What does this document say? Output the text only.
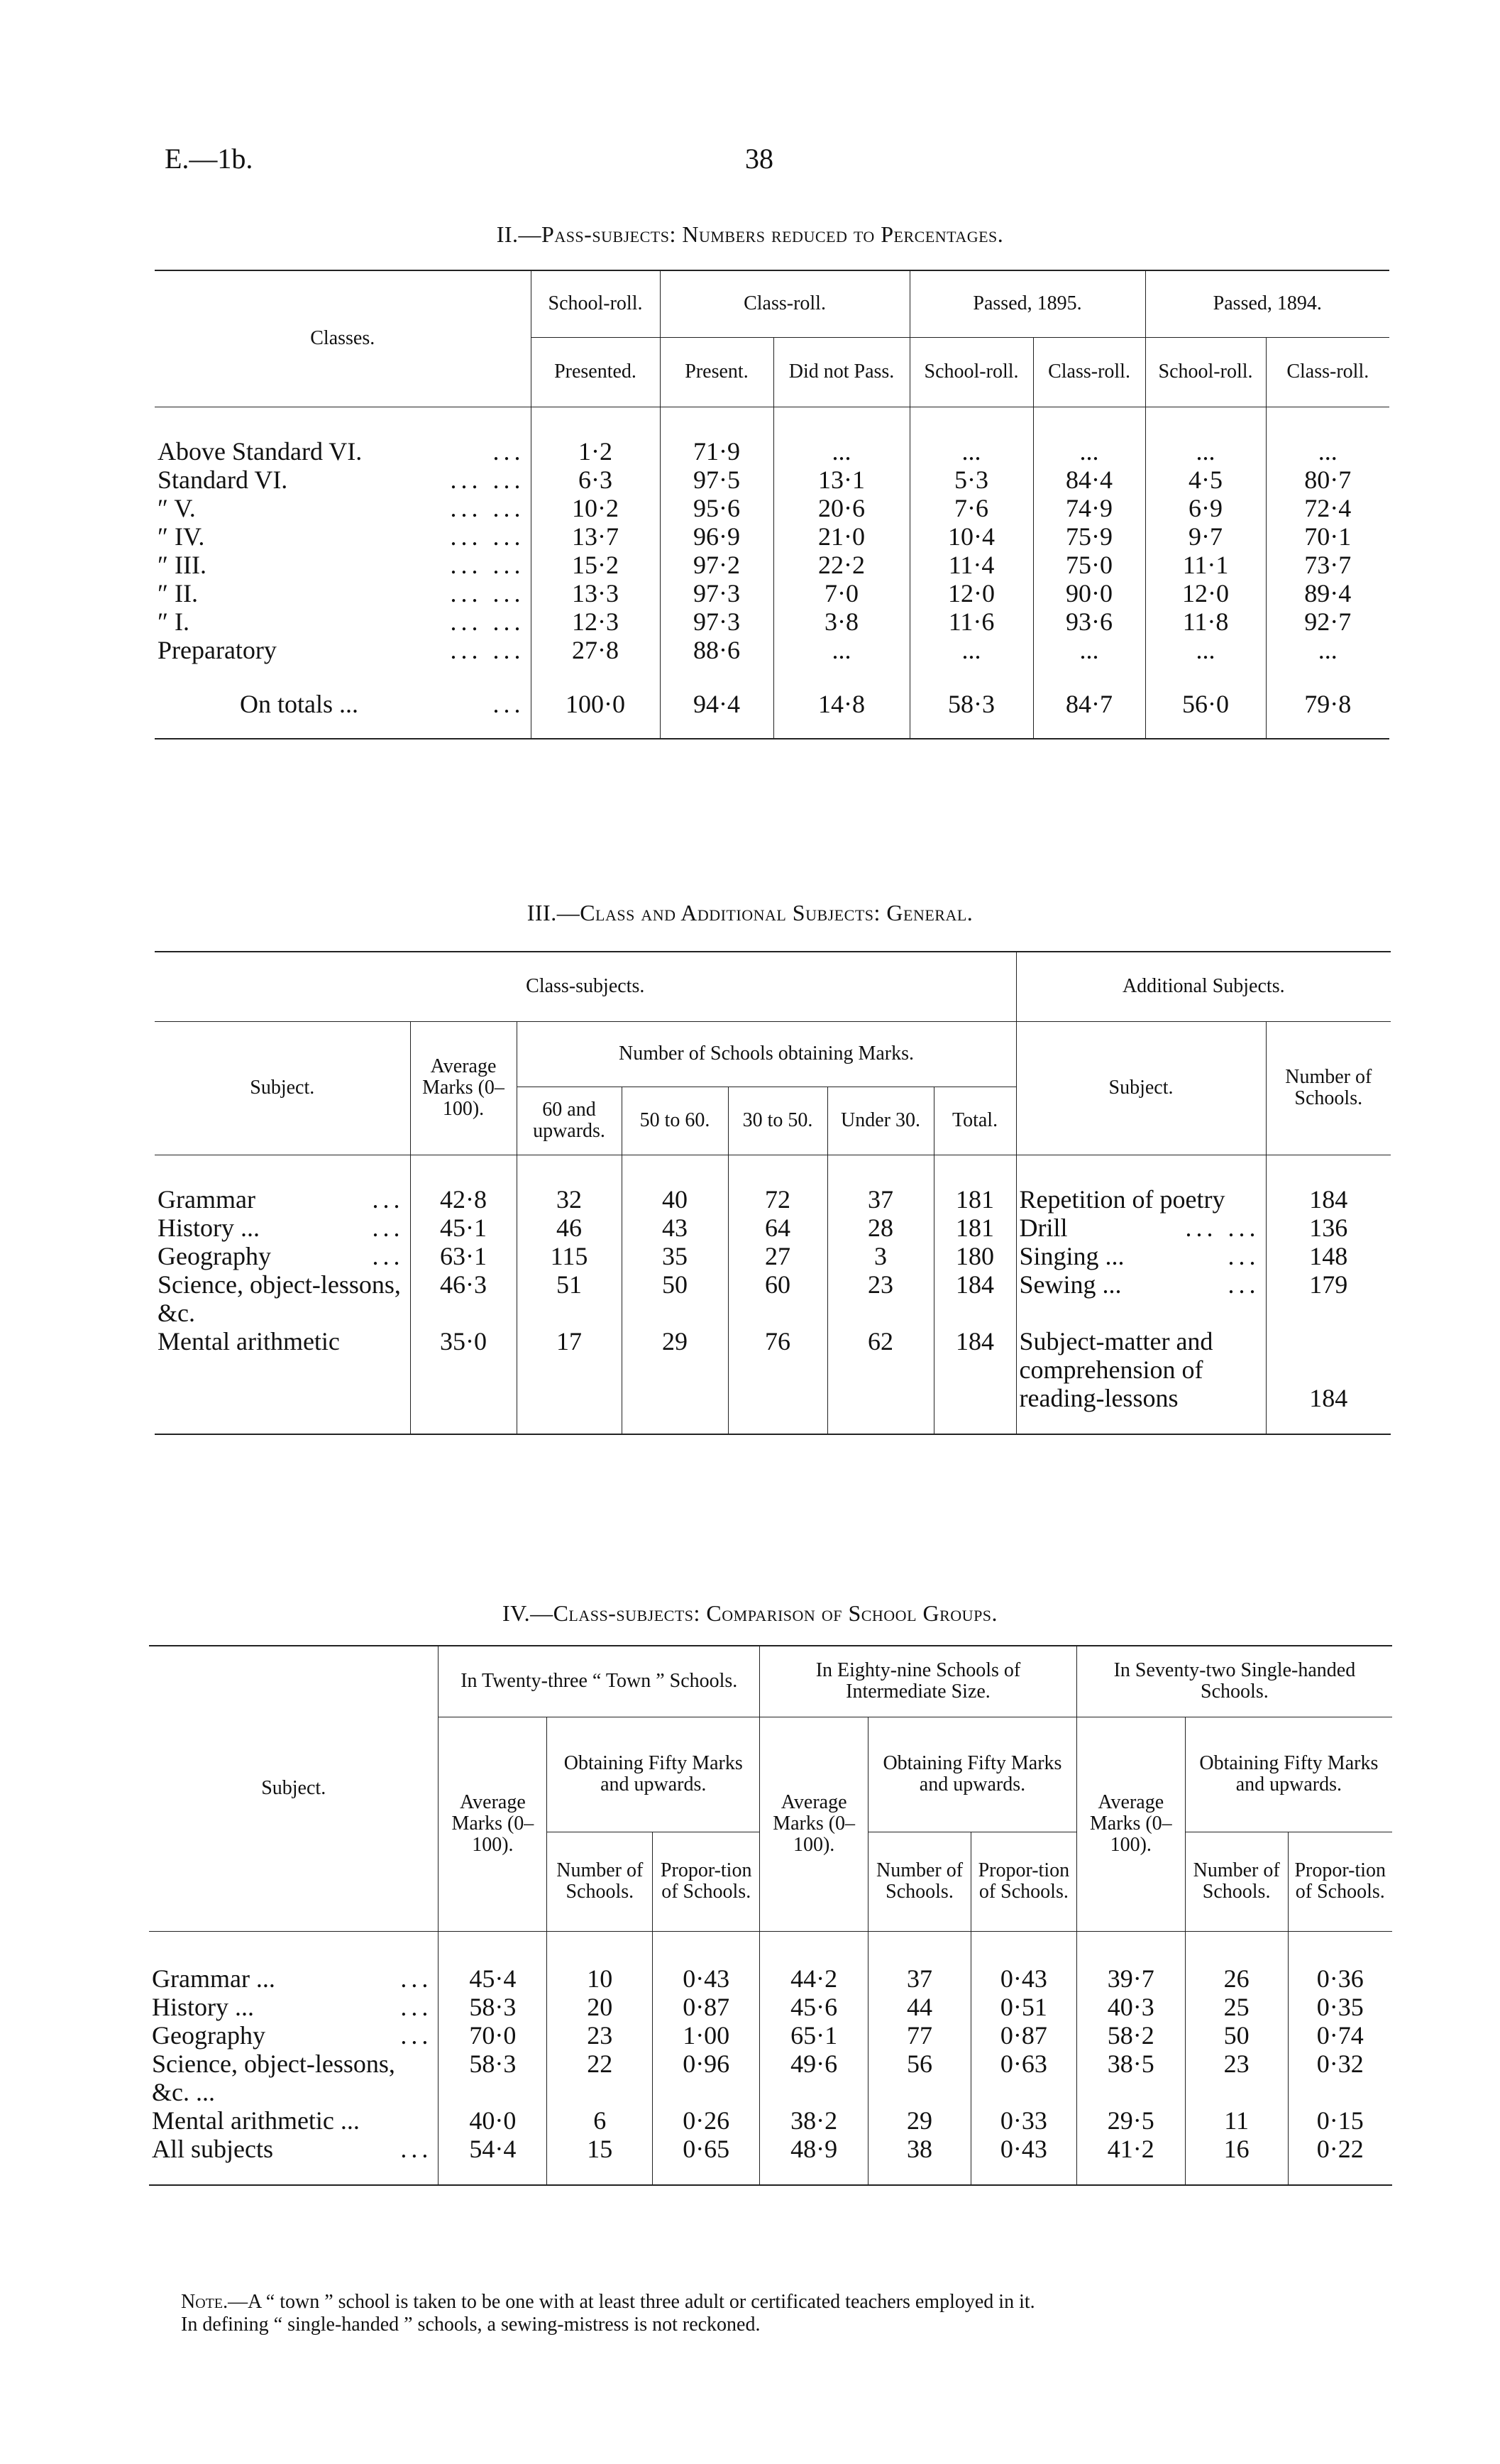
E.—1b.	38
II.—Pass-subjects: Numbers reduced to Percentages.
Classes.	School-roll.	Class-roll.		Passed, 1895.		Passed, 1894.	
	Presented.	Present.	Did not Pass.	School-roll.	Class-roll.	School-roll.	Class-roll.
Above Standard VI. ...	1·2	71·9	...	...	...	...	...
Standard VI. ... ...	6·3	97·5	13·1	5·3	84·4	4·5	80·7
″ V. ... ...	10·2	95·6	20·6	7·6	74·9	6·9	72·4
″ IV. ... ...	13·7	96·9	21·0	10·4	75·9	9·7	70·1
″ III. ... ...	15·2	97·2	22·2	11·4	75·0	11·1	73·7
″ II. ... ...	13·3	97·3	7·0	12·0	90·0	12·0	89·4
″ I. ... ...	12·3	97·3	3·8	11·6	93·6	11·8	92·7
Preparatory ... ...	27·8	88·6	...	...	...	...	...
On totals ... ...	100·0	94·4	14·8	58·3	84·7	56·0	79·8
III.—Class and Additional Subjects: General.
Class-subjects.							Additional Subjects.	
Subject.	Average Marks (0–100).	Number of Schools obtaining Marks.					Subject.	Number of Schools.
		60 and upwards.	50 to 60.	30 to 50.	Under 30.	Total.		

Grammar ...	42·8	32	40	72	37	181	Repetition of poetry	184
History ... ...	45·1	46	43	64	28	181	Drill ... ...	136
Geography ...	63·1	115	35	27	3	180	Singing ... ...	148
Science, object-lessons, &c.	46·3	51	50	60	23	184	Sewing ... ...	179
Mental arithmetic	35·0	17	29	76	62	184	Subject-matter and comprehension of reading-lessons	184
IV.—Class-subjects: Comparison of School Groups.
Subject.	In Twenty-three “ Town ” Schools.			In Eighty-nine Schools of Intermediate Size.			In Seventy-two Single-handed Schools.		
	Average Marks (0–100).	Obtaining Fifty Marks and upwards.		Average Marks (0–100).	Obtaining Fifty Marks and upwards.		Average Marks (0–100).	Obtaining Fifty Marks and upwards.	
		Number of Schools.	Propor-tion of Schools.		Number of Schools.	Propor-tion of Schools.		Number of Schools.	Propor-tion of Schools.

Grammar ... ...	45·4	10	0·43	44·2	37	0·43	39·7	26	0·36
History ... ...	58·3	20	0·87	45·6	44	0·51	40·3	25	0·35
Geography ...	70·0	23	1·00	65·1	77	0·87	58·2	50	0·74
Science, object-lessons, &c. ...	58·3	22	0·96	49·6	56	0·63	38·5	23	0·32
Mental arithmetic ...	40·0	6	0·26	38·2	29	0·33	29·5	11	0·15
All subjects ...	54·4	15	0·65	48·9	38	0·43	41·2	16	0·22
Note.—A “ town ” school is taken to be one with at least three adult or certificated teachers employed in it.
In defining “ single-handed ” schools, a sewing-mistress is not reckoned.
